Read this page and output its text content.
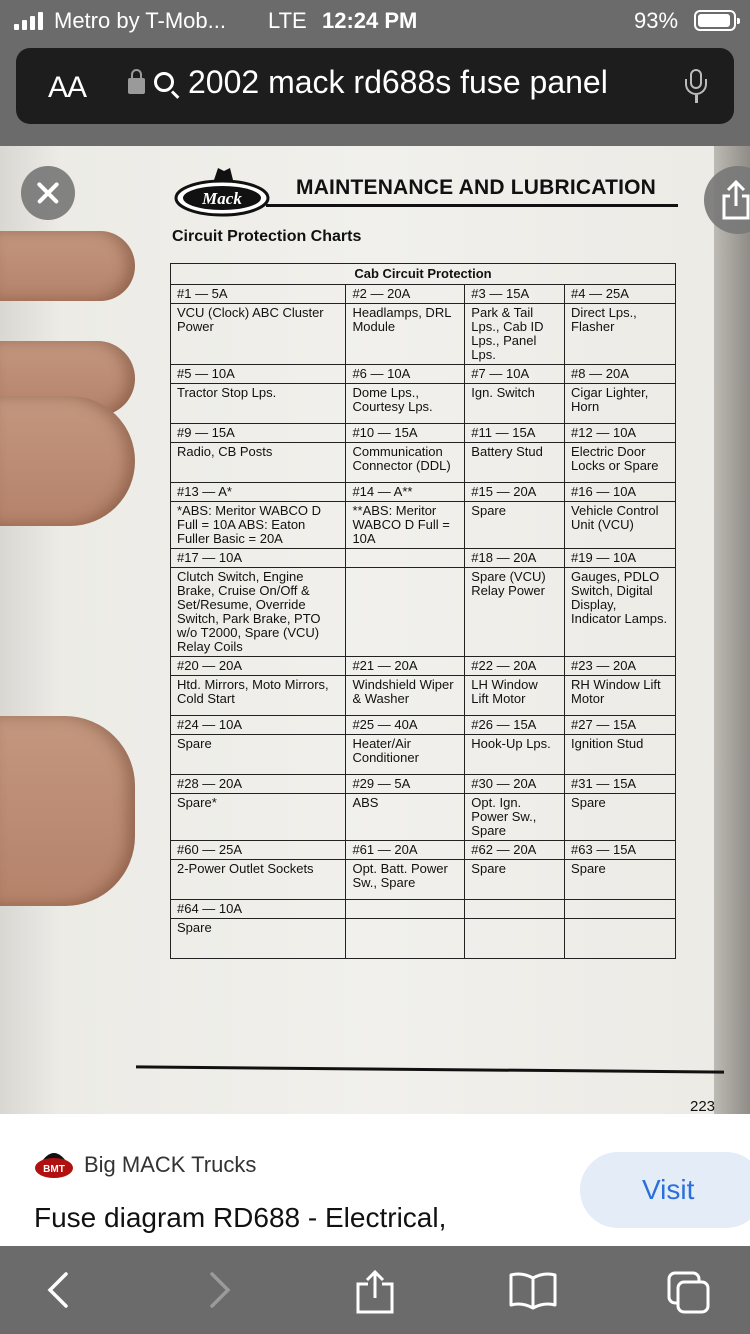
Metro by T-Mob... LTE 12:24 PM	93%
AA	2002 mack rd688s fuse panel
Mack	MAINTENANCE AND LUBRICATION
Circuit Protection Charts
Cab Circuit Protection			
#1 — 5A	#2 — 20A	#3 — 15A	#4 — 25A
VCU (Clock) ABC Cluster Power	Headlamps, DRL Module	Park & Tail Lps., Cab ID Lps., Panel Lps.	Direct Lps., Flasher
#5 — 10A	#6 — 10A	#7 — 10A	#8 — 20A
Tractor Stop Lps.	Dome Lps., Courtesy Lps.	Ign. Switch	Cigar Lighter, Horn
#9 — 15A	#10 — 15A	#11 — 15A	#12 — 10A
Radio, CB Posts	Communication Connector (DDL)	Battery Stud	Electric Door Locks or Spare
#13 — A*	#14 — A**	#15 — 20A	#16 — 10A
*ABS: Meritor WABCO D Full = 10A ABS: Eaton Fuller Basic = 20A	**ABS: Meritor WABCO D Full = 10A	Spare	Vehicle Control Unit (VCU)
#17 — 10A		#18 — 20A	#19 — 10A
Clutch Switch, Engine Brake, Cruise On/Off & Set/Resume, Override Switch, Park Brake, PTO w/o T2000, Spare (VCU) Relay Coils		Spare (VCU) Relay Power	Gauges, PDLO Switch, Digital Display, Indicator Lamps.
#20 — 20A	#21 — 20A	#22 — 20A	#23 — 20A
Htd. Mirrors, Moto Mirrors, Cold Start	Windshield Wiper & Washer	LH Window Lift Motor	RH Window Lift Motor
#24 — 10A	#25 — 40A	#26 — 15A	#27 — 15A
Spare	Heater/Air Conditioner	Hook-Up Lps.	Ignition Stud
#28 — 20A	#29 — 5A	#30 — 20A	#31 — 15A
Spare*	ABS	Opt. Ign. Power Sw., Spare	Spare
#60 — 25A	#61 — 20A	#62 — 20A	#63 — 15A
2-Power Outlet Sockets	Opt. Batt. Power Sw., Spare	Spare	Spare
#64 — 10A			
Spare			
223
BMT Big MACK Trucks
Fuse diagram RD688 - Electrical,
Visit
